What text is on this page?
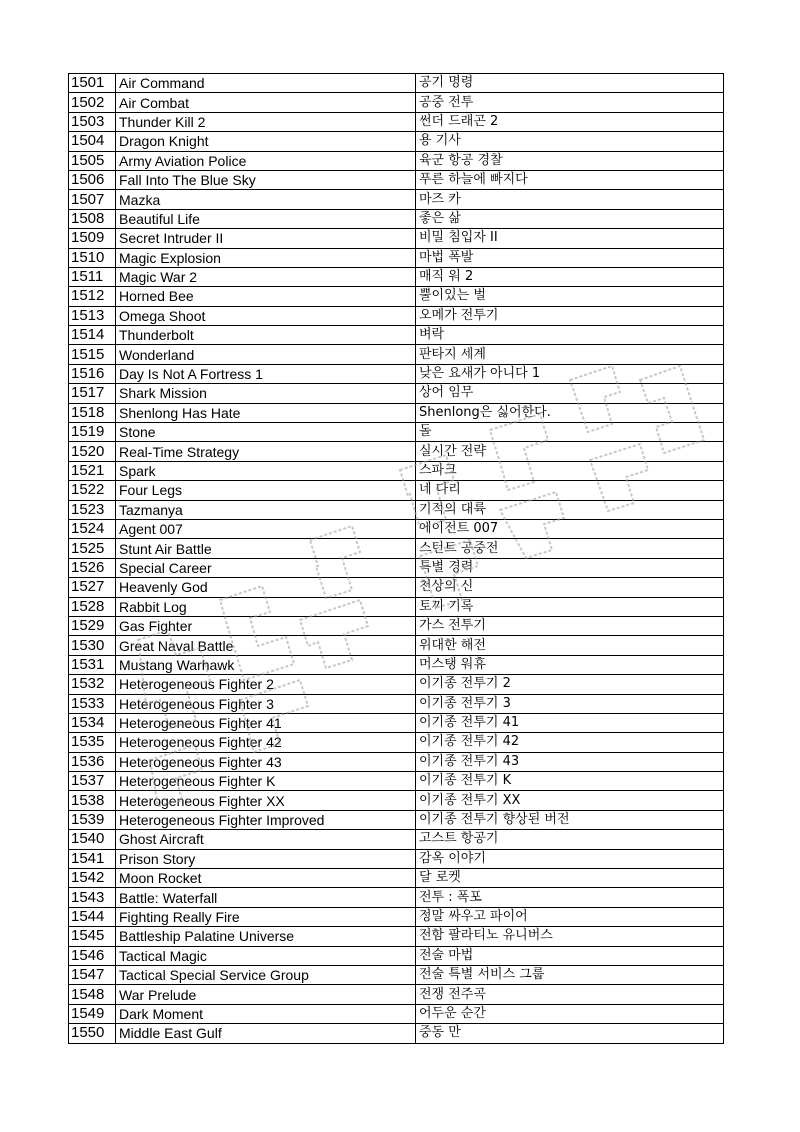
1501	Air Command	공기 명령
1502	Air Combat	공중 전투
1503	Thunder Kill 2	썬더 드래곤 2
1504	Dragon Knight	용 기사
1505	Army Aviation Police	육군 항공 경찰
1506	Fall Into The Blue Sky	푸른 하늘에 빠지다
1507	Mazka	마즈 카
1508	Beautiful Life	좋은 삶
1509	Secret Intruder II	비밀 침입자 II
1510	Magic Explosion	마법 폭발
1511	Magic War 2	매직 워 2
1512	Horned Bee	뿔이있는 벌
1513	Omega Shoot	오메가 전투기
1514	Thunderbolt	벼락
1515	Wonderland	판타지 세계
1516	Day Is Not A Fortress 1	낮은 요새가 아니다 1
1517	Shark Mission	상어 임무
1518	Shenlong Has Hate	Shenlong은 싫어한다.
1519	Stone	돌
1520	Real-Time Strategy	실시간 전략
1521	Spark	스파크
1522	Four Legs	네 다리
1523	Tazmanya	기적의 대륙
1524	Agent 007	에이전트 007
1525	Stunt Air Battle	스턴트 공중전
1526	Special Career	특별 경력
1527	Heavenly God	천상의 신
1528	Rabbit Log	토끼 기록
1529	Gas Fighter	가스 전투기
1530	Great Naval Battle	위대한 해전
1531	Mustang Warhawk	머스탱 워휴
1532	Heterogeneous Fighter 2	이기종 전투기 2
1533	Heterogeneous Fighter 3	이기종 전투기 3
1534	Heterogeneous Fighter 41	이기종 전투기 41
1535	Heterogeneous Fighter 42	이기종 전투기 42
1536	Heterogeneous Fighter 43	이기종 전투기 43
1537	Heterogeneous Fighter K	이기종 전투기 K
1538	Heterogeneous Fighter XX	이기종 전투기 XX
1539	Heterogeneous Fighter Improved	이기종 전투기 향상된 버전
1540	Ghost Aircraft	고스트 항공기
1541	Prison Story	감옥 이야기
1542	Moon Rocket	달 로켓
1543	Battle: Waterfall	전투 : 폭포
1544	Fighting Really Fire	정말 싸우고 파이어
1545	Battleship Palatine Universe	전함 팔라티노 유니버스
1546	Tactical Magic	전술 마법
1547	Tactical Special Service Group	전술 특별 서비스 그룹
1548	War Prelude	전쟁 전주곡
1549	Dark Moment	어두운 순간
1550	Middle East Gulf	중동 만
